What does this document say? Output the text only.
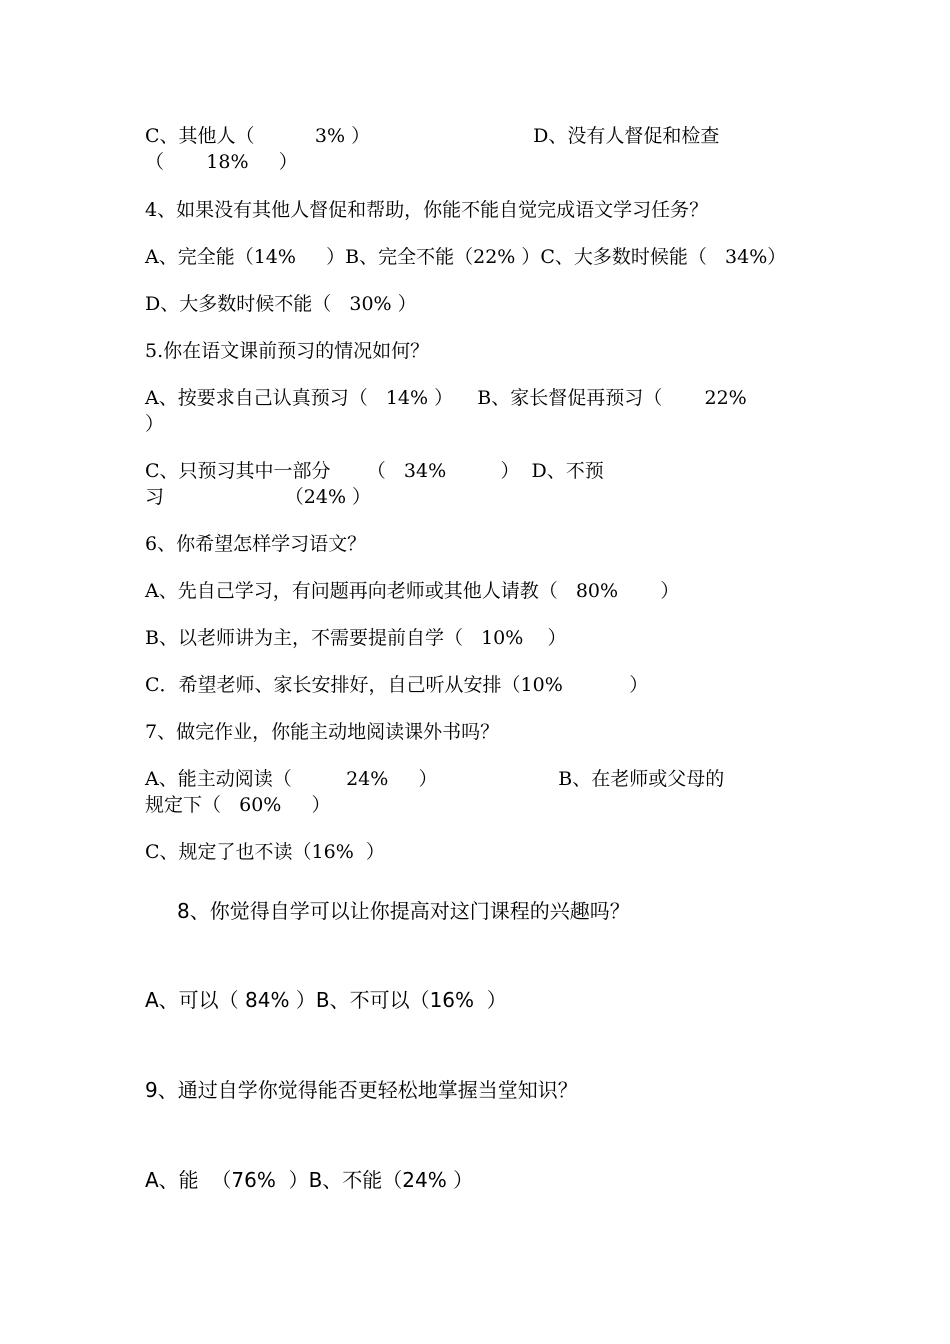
C、其他人（          3% ）                           D、没有人督促和检查

（       18%     ）

4、如果没有其他人督促和帮助，你能不能自觉完成语文学习任务？

A、完全能（14%     ）B、完全不能（22% ）C、大多数时候能（   34%）

D、大多数时候不能（   30% ）

5.你在语文课前预习的情况如何？

A、按要求自己认真预习（   14% ）    B、家长督促再预习（       22%

）

C、只预习其中一部分      （   34%         ）  D、不预

习                    （24% ）

6、你希望怎样学习语文？

A、先自己学习，有问题再向老师或其他人请教（   80%       ）

B、以老师讲为主，不需要提前自学（   10%    ）

C．希望老师、家长安排好，自己听从安排（10%           ）

7、做完作业，你能主动地阅读课外书吗？

A、能主动阅读（         24%     ）                    B、在老师或父母的

规定下（   60%     ）

C、规定了也不读（16%  ）

8、你觉得自学可以让你提高对这门课程的兴趣吗？

A、可以（ 84% ）B、不可以（16%  ）

9、通过自学你觉得能否更轻松地掌握当堂知识？

A、能  （76%  ）B、不能（24% ）
